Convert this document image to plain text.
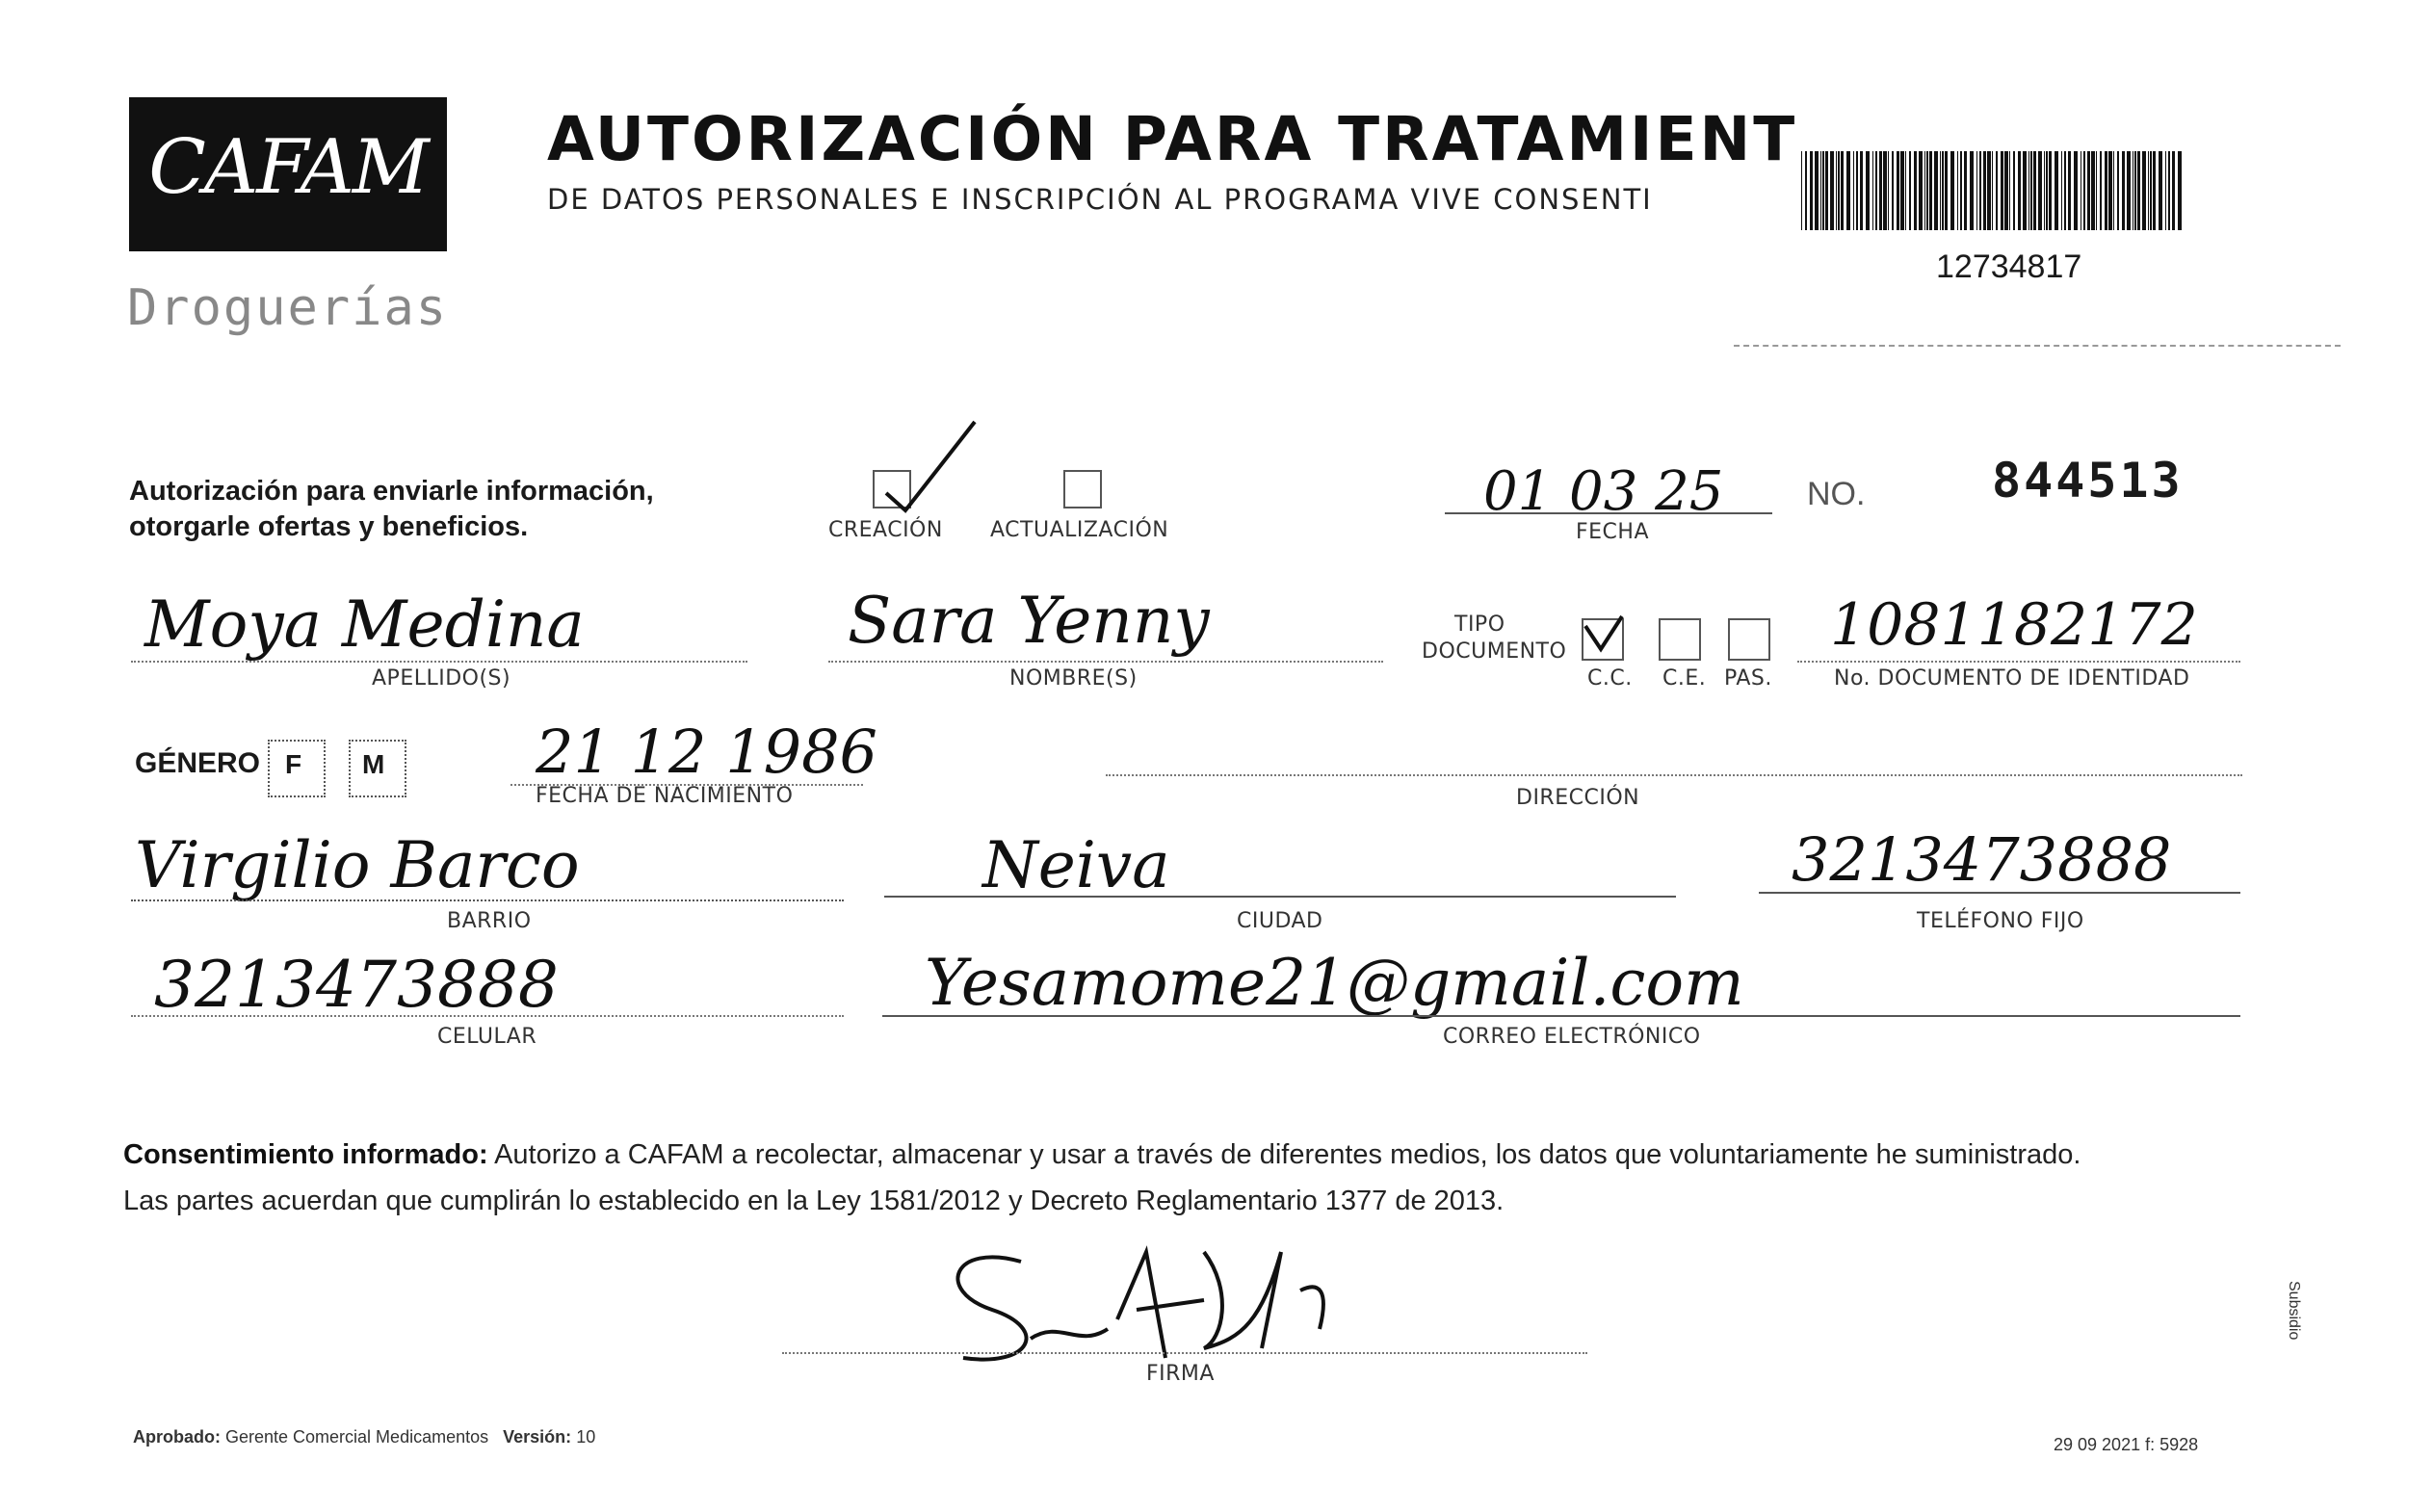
CAFAM
Droguerías
AUTORIZACIÓN PARA TRATAMIENT
DE DATOS PERSONALES E INSCRIPCIÓN AL PROGRAMA VIVE CONSENTI
12734817
Autorización para enviarle información,
otorgarle ofertas y beneficios.	CREACIÓN ACTUALIZACIÓN
01 03 25
FECHA
NO.	844513
Moya Medina
APELLIDO(S)
Sara Yenny
NOMBRE(S)
TIPO
DOCUMENTO
C.C. C.E. PAS.
1081182172
No. DOCUMENTO DE IDENTIDAD
GÉNERO F M	21 12 1986
FECHA DE NACIMIENTO	DIRECCIÓN
Virgilio Barco
BARRIO
Neiva
CIUDAD
3213473888
TELÉFONO FIJO
3213473888
CELULAR
Yesamome21@gmail.com
CORREO ELECTRÓNICO
Consentimiento informado: Autorizo a CAFAM a recolectar, almacenar y usar a través de diferentes medios, los datos que voluntariamente he suministrado.
Las partes acuerdan que cumplirán lo establecido en la Ley 1581/2012 y Decreto Reglamentario 1377 de 2013.
FIRMA
Aprobado: Gerente Comercial Medicamentos Versión: 10	29 09 2021 f: 5928
Subsidio
